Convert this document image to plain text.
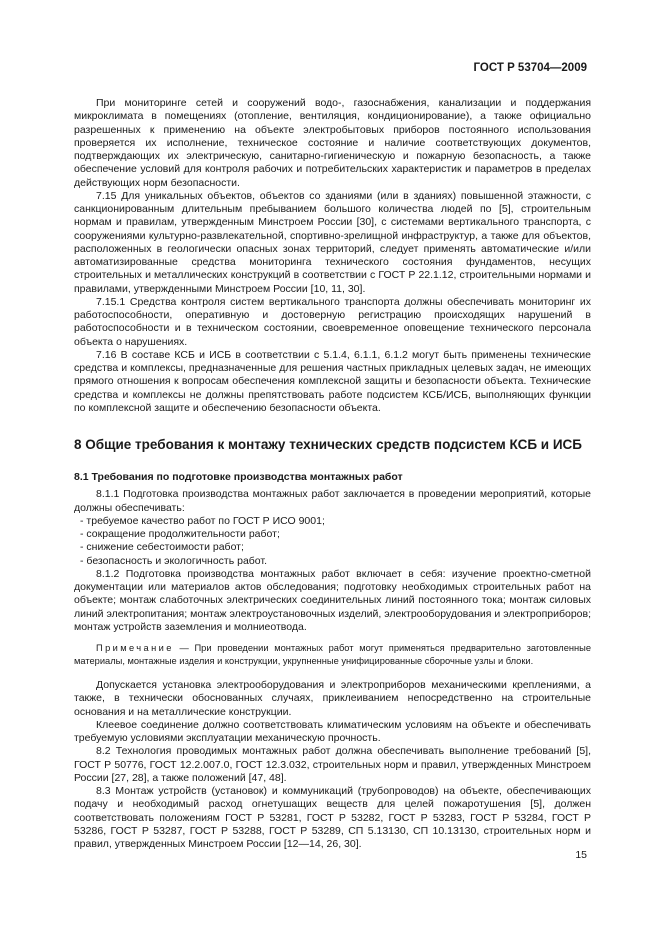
ГОСТ Р 53704—2009

При мониторинге сетей и сооружений водо-, газоснабжения, канализации и поддержания микроклимата в помещениях (отопление, вентиляция, кондиционирование), а также официально разрешенных к применению на объекте электробытовых приборов постоянного использования проверяется их исполнение, техническое состояние и наличие соответствующих документов, подтверждающих их электрическую, санитарно-гигиеническую и пожарную безопасность, а также обеспечение условий для контроля рабочих и потребительских характеристик и параметров в пределах действующих норм безопасности.

7.15 Для уникальных объектов, объектов со зданиями (или в зданиях) повышенной этажности, с санкционированным длительным пребыванием большого количества людей по [5], строительным нормам и правилам, утвержденным Минстроем России [30], с системами вертикального транспорта, с сооружениями культурно-развлекательной, спортивно-зрелищной инфраструктур, а также для объектов, расположенных в геологически опасных зонах территорий, следует применять автоматические и/или автоматизированные средства мониторинга технического состояния фундаментов, несущих строительных и металлических конструкций в соответствии с ГОСТ Р 22.1.12, строительными нормами и правилами, утвержденными Минстроем России [10, 11, 30].

7.15.1 Средства контроля систем вертикального транспорта должны обеспечивать мониторинг их работоспособности, оперативную и достоверную регистрацию происходящих нарушений в работоспособности и в техническом состоянии, своевременное оповещение технического персонала объекта о нарушениях.

7.16 В составе КСБ и ИСБ в соответствии с 5.1.4, 6.1.1, 6.1.2 могут быть применены технические средства и комплексы, предназначенные для решения частных прикладных целевых задач, не имеющих прямого отношения к вопросам обеспечения комплексной защиты и безопасности объекта. Технические средства и комплексы не должны препятствовать работе подсистем КСБ/ИСБ, выполняющих функции по комплексной защите и обеспечению безопасности объекта.

8 Общие требования к монтажу технических средств подсистем КСБ и ИСБ
8.1 Требования по подготовке производства монтажных работ

8.1.1 Подготовка производства монтажных работ заключается в проведении мероприятий, которые должны обеспечивать:

- требуемое качество работ по ГОСТ Р ИСО 9001;
- сокращение продолжительности работ;
- снижение себестоимости работ;
- безопасность и экологичность работ.

8.1.2 Подготовка производства монтажных работ включает в себя: изучение проектно-сметной документации или материалов актов обследования; подготовку необходимых строительных работ на объекте; монтаж слаботочных электрических соединительных линий постоянного тока; монтаж силовых линий электропитания; монтаж электроустановочных изделий, электрооборудования и электроприборов; монтаж устройств заземления и молниеотвода.

Примечание — При проведении монтажных работ могут применяться предварительно заготовленные материалы, монтажные изделия и конструкции, укрупненные унифицированные сборочные узлы и блоки.

Допускается установка электрооборудования и электроприборов механическими креплениями, а также, в технически обоснованных случаях, приклеиванием непосредственно на строительные основания и на металлические конструкции.

Клеевое соединение должно соответствовать климатическим условиям на объекте и обеспечивать требуемую условиями эксплуатации механическую прочность.

8.2 Технология проводимых монтажных работ должна обеспечивать выполнение требований [5], ГОСТ Р 50776, ГОСТ 12.2.007.0, ГОСТ 12.3.032, строительных норм и правил, утвержденных Минстроем России [27, 28], а также положений [47, 48].

8.3 Монтаж устройств (установок) и коммуникаций (трубопроводов) на объекте, обеспечивающих подачу и необходимый расход огнетушащих веществ для целей пожаротушения [5], должен соответствовать положениям ГОСТ Р 53281, ГОСТ Р 53282, ГОСТ Р 53283, ГОСТ Р 53284, ГОСТ Р 53286, ГОСТ Р 53287, ГОСТ Р 53288, ГОСТ Р 53289, СП 5.13130, СП 10.13130, строительных норм и правил, утвержденных Минстроем России [12—14, 26, 30].

15
